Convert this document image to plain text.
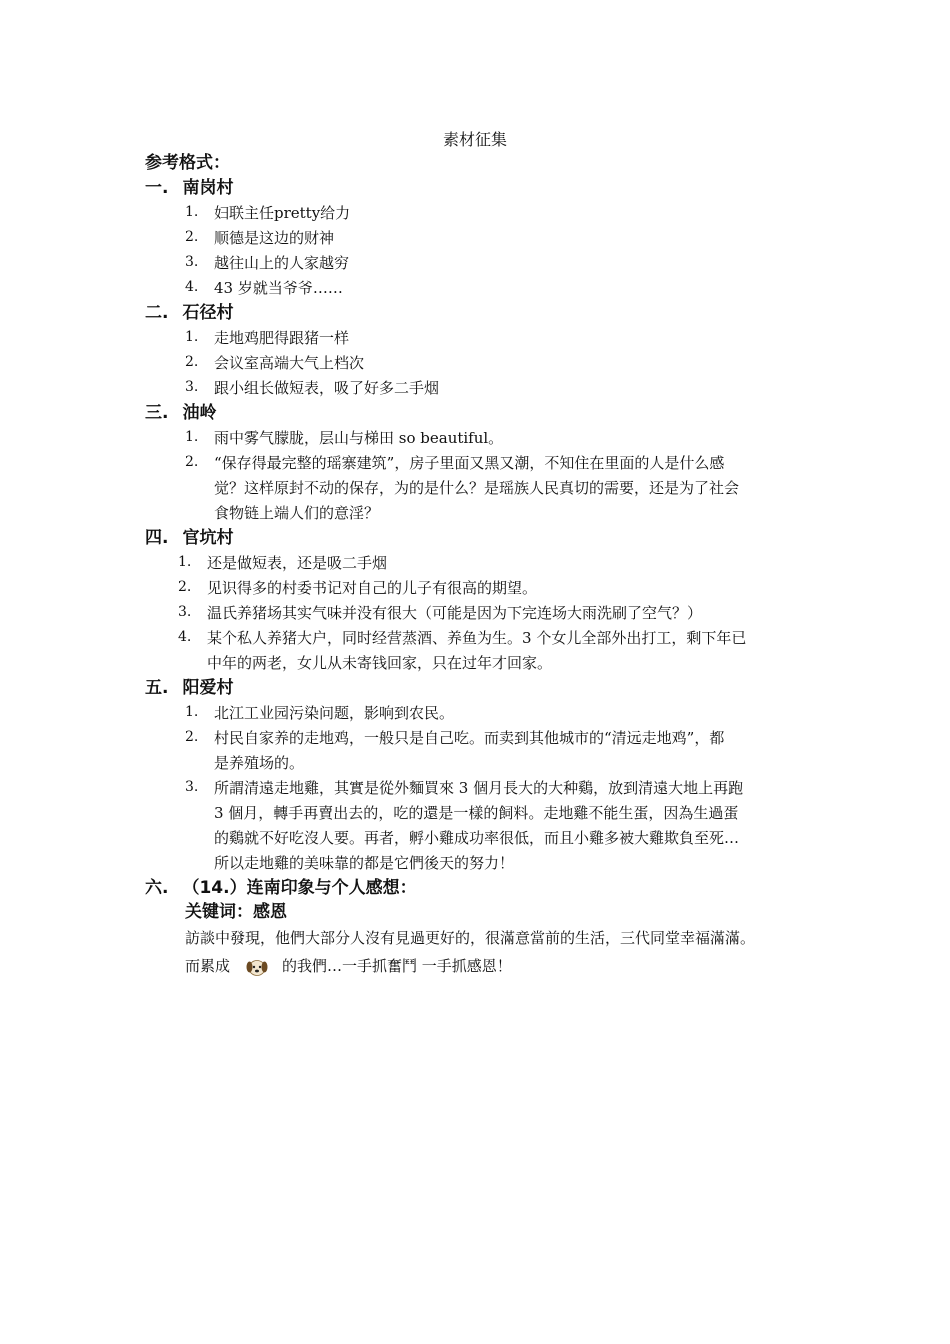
素材征集
参考格式：
一. 南岗村
1.	妇联主任pretty给力
2.	顺德是这边的财神
3.	越往山上的人家越穷
4.	43 岁就当爷爷……
二. 石径村
1.	走地鸡肥得跟猪一样
2.	会议室高端大气上档次
3.	跟小组长做短表，吸了好多二手烟
三. 油岭
1.	雨中雾气朦胧，层山与梯田 so beautiful。
2.	“保存得最完整的瑶寨建筑”，房子里面又黑又潮，不知住在里面的人是什么感
觉？这样原封不动的保存，为的是什么？是瑶族人民真切的需要，还是为了社会
食物链上端人们的意淫？
四. 官坑村
1.	还是做短表，还是吸二手烟
2.	见识得多的村委书记对自己的儿子有很高的期望。
3.	温氏养猪场其实气味并没有很大（可能是因为下完连场大雨洗刷了空气？）
4.	某个私人养猪大户，同时经营蒸酒、养鱼为生。3 个女儿全部外出打工，剩下年已
中年的两老，女儿从未寄钱回家，只在过年才回家。
五. 阳爱村
1.	北江工业园污染问题，影响到农民。
2.	村民自家养的走地鸡，一般只是自己吃。而卖到其他城市的“清远走地鸡”，都
是养殖场的。
3.	所謂清遠走地雞，其實是從外麵買來 3 個月長大的大种鷄，放到清遠大地上再跑
3 個月，轉手再賣出去的，吃的還是一樣的飼料。走地雞不能生蛋，因為生過蛋
的鷄就不好吃沒人要。再者，孵小雞成功率很低，而且小雞多被大雞欺負至死…
所以走地雞的美味靠的都是它們後天的努力！
六. （14.）连南印象与个人感想：
关键词：感恩
訪談中發現，他們大部分人沒有見過更好的，很滿意當前的生活，三代同堂幸福滿滿。
而累成	的我們…一手抓奮鬥 一手抓感恩！
